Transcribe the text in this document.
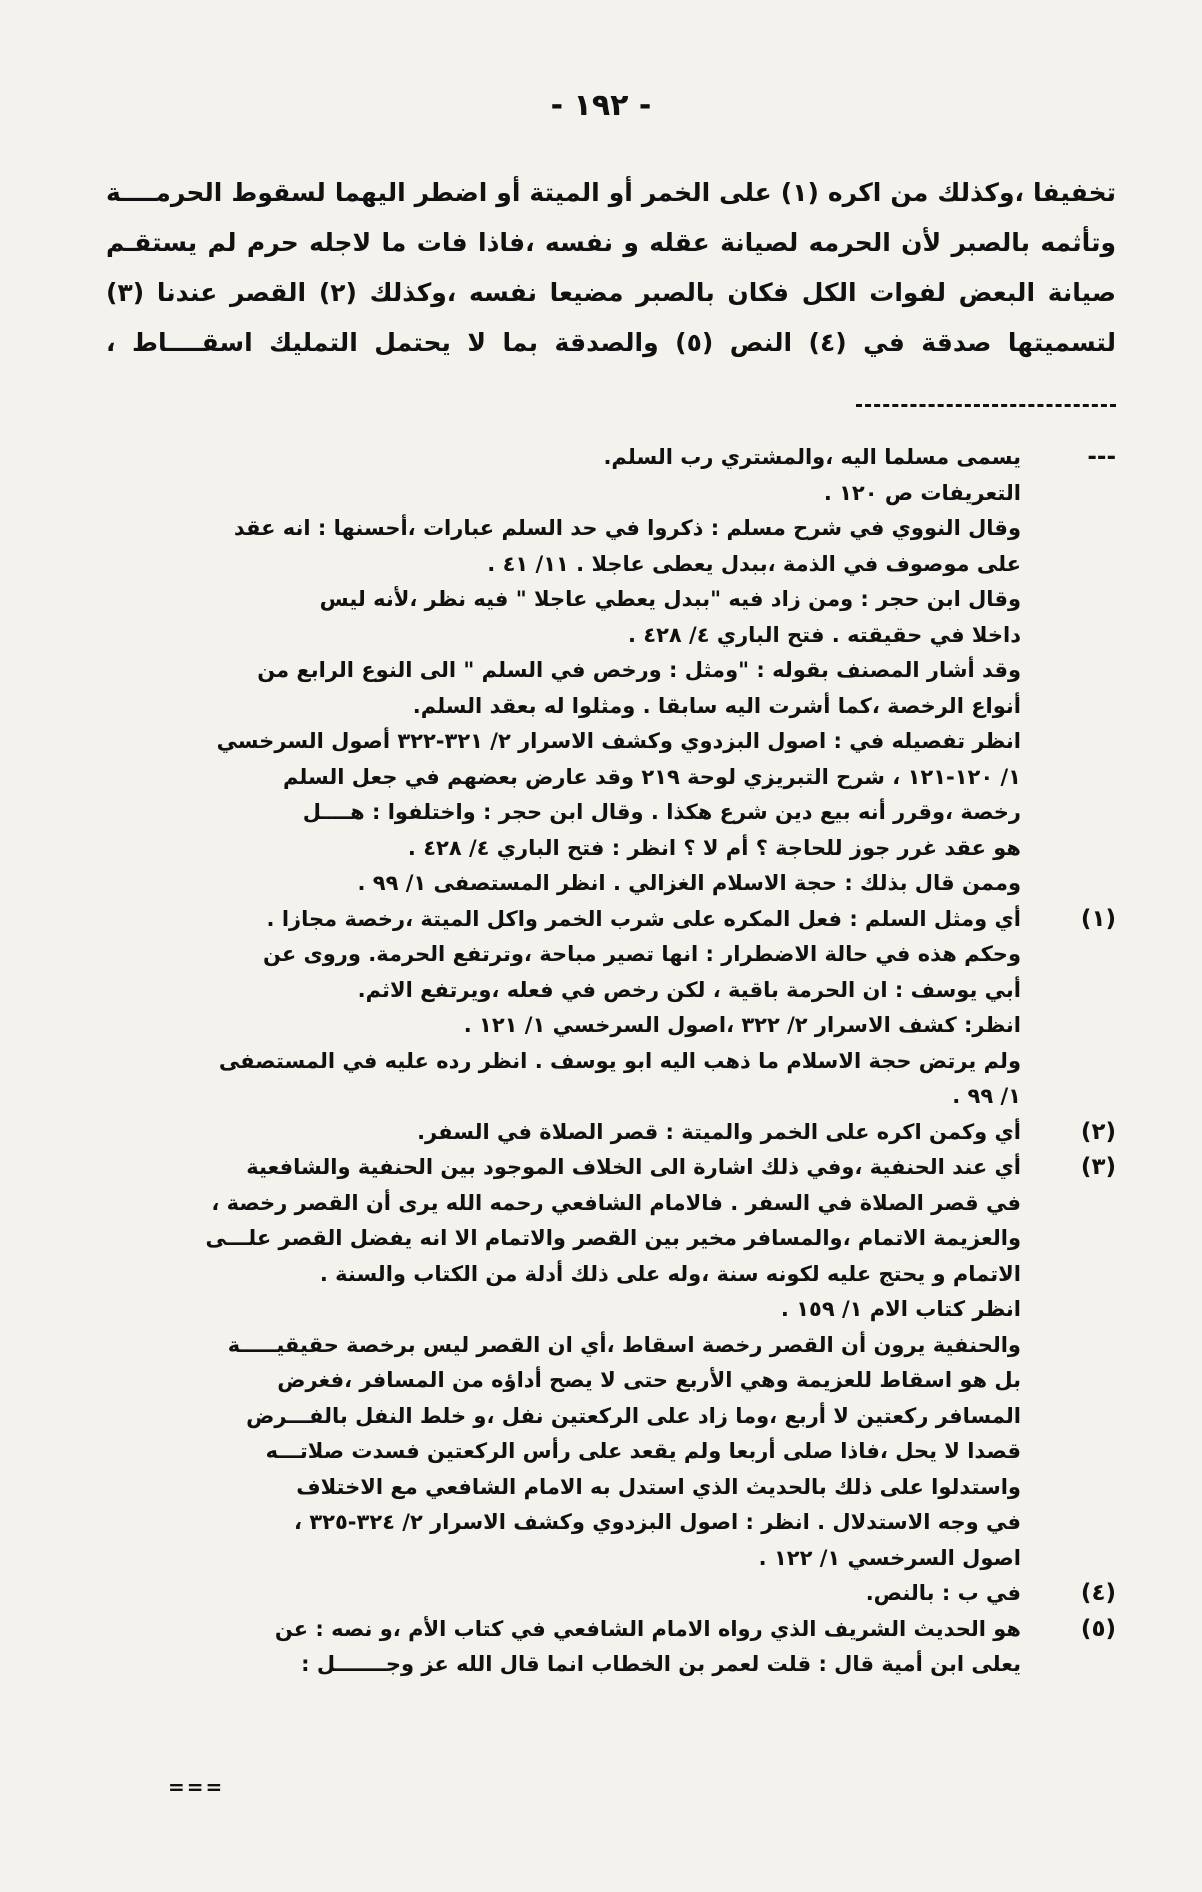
- ١٩٢ -
تخفيفا ،وكذلك من اكره (١) على الخمر أو الميتة أو اضطر اليهما لسقوط الحرمــــة
وتأثمه بالصبر لأن الحرمه لصيانة عقله و نفسه ،فاذا فات ما لاجله حرم لم يستقـم
صيانة البعض لفوات الكل فكان بالصبر مضيعا نفسه ،وكذلك (٢) القصر عندنا (٣)
لتسميتها صدقة في (٤) النص (٥) والصدقة بما لا يحتمل التمليك اسقــــاط ،
---
يسمى مسلما اليه ،والمشتري رب السلم.
التعريفات ص ١٢٠ .
وقال النووي في شرح مسلم : ذكروا في حد السلم عبارات ،أحسنها : انه عقد
على موصوف في الذمة ،ببدل يعطى عاجلا . ١١/ ٤١ .
وقال ابن حجر : ومن زاد فيه "ببدل يعطي عاجلا " فيه نظر ،لأنه ليس
داخلا في حقيقته . فتح الباري ٤/ ٤٢٨ .
وقد أشار المصنف بقوله : "ومثل : ورخص في السلم " الى النوع الرابع من
أنواع الرخصة ،كما أشرت اليه سابقا . ومثلوا له بعقد السلم.
انظر تفصيله في : اصول البزدوي وكشف الاسرار ٢/ ٣٢١-٣٢٢ أصول السرخسي
١/ ١٢٠-١٢١ ، شرح التبريزي لوحة ٢١٩ وقد عارض بعضهم في جعل السلم
رخصة ،وقرر أنه بيع دين شرع هكذا . وقال ابن حجر : واختلفوا : هــــل
هو عقد غرر جوز للحاجة ؟ أم لا ؟ انظر : فتح الباري ٤/ ٤٢٨ .
وممن قال بذلك : حجة الاسلام الغزالي . انظر المستصفى ١/ ٩٩ .
(١)
أي ومثل السلم : فعل المكره على شرب الخمر واكل الميتة ،رخصة مجازا .
وحكم هذه في حالة الاضطرار : انها تصير مباحة ،وترتفع الحرمة. وروى عن
أبي يوسف : ان الحرمة باقية ، لكن رخص في فعله ،ويرتفع الاثم.
انظر: كشف الاسرار ٢/ ٣٢٢ ،اصول السرخسي ١/ ١٢١ .
ولم يرتض حجة الاسلام ما ذهب اليه ابو يوسف . انظر رده عليه في المستصفى
١/ ٩٩ .
(٢)
أي وكمن اكره على الخمر والميتة : قصر الصلاة في السفر.
(٣)
أي عند الحنفية ،وفي ذلك اشارة الى الخلاف الموجود بين الحنفية والشافعية
في قصر الصلاة في السفر . فالامام الشافعي رحمه الله يرى أن القصر رخصة ،
والعزيمة الاتمام ،والمسافر مخير بين القصر والاتمام الا انه يفضل القصر علـــى
الاتمام و يحتج عليه لكونه سنة ،وله على ذلك أدلة من الكتاب والسنة .
انظر كتاب الام ١/ ١٥٩ .
والحنفية يرون أن القصر رخصة اسقاط ،أي ان القصر ليس برخصة حقيقيـــــة
بل هو اسقاط للعزيمة وهي الأربع حتى لا يصح أداؤه من المسافر ،فغرض
المسافر ركعتين لا أربع ،وما زاد على الركعتين نفل ،و خلط النفل بالفـــرض
قصدا لا يحل ،فاذا صلى أربعا ولم يقعد على رأس الركعتين فسدت صلاتـــه
واستدلوا على ذلك بالحديث الذي استدل به الامام الشافعي مع الاختلاف
في وجه الاستدلال . انظر : اصول البزدوي وكشف الاسرار ٢/ ٣٢٤-٣٢٥ ،
اصول السرخسي ١/ ١٢٢ .
(٤)
في ب : بالنص.
(٥)
هو الحديث الشريف الذي رواه الامام الشافعي في كتاب الأم ،و نصه : عن
يعلى ابن أمية قال : قلت لعمر بن الخطاب انما قال الله عز وجـــــــل :
===
